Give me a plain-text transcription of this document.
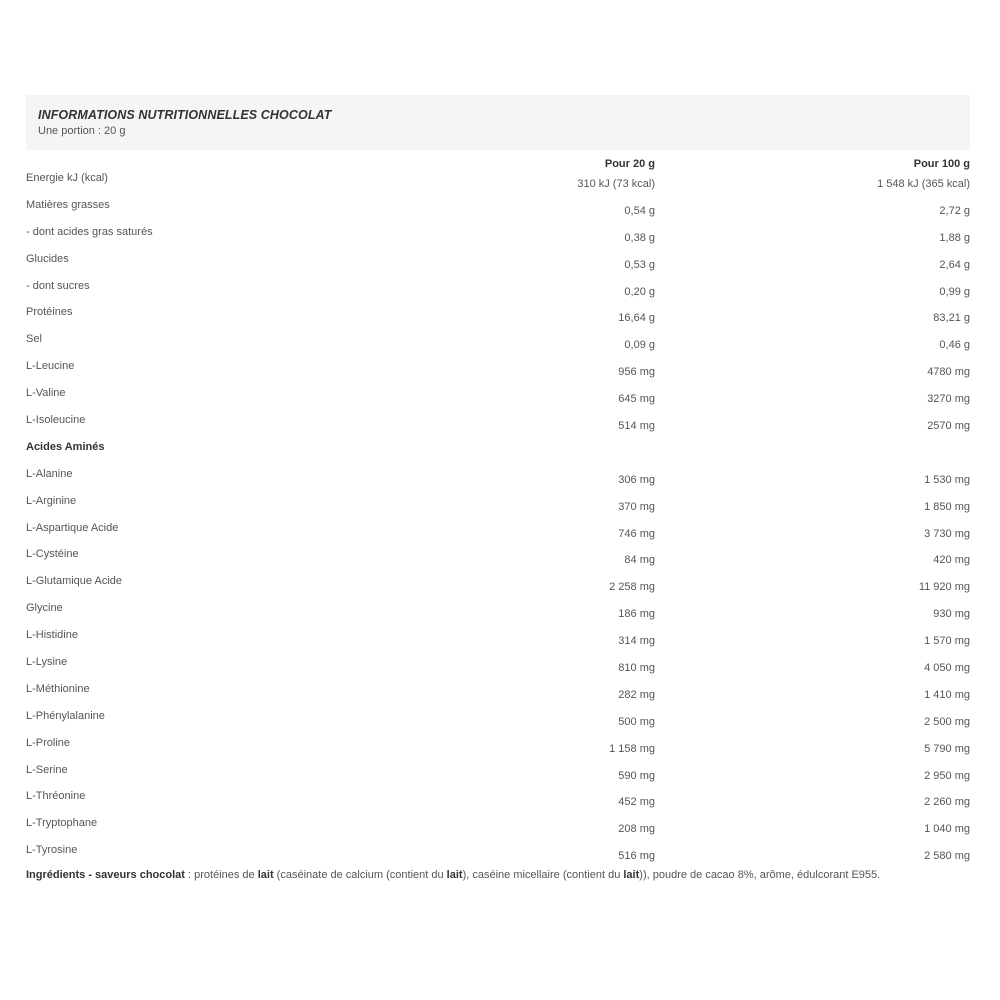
INFORMATIONS NUTRITIONNELLES CHOCOLAT
Une portion : 20 g
Pour 20 g	Pour 100 g
Energie kJ (kcal)	310 kJ (73 kcal)	1 548 kJ (365 kcal)
Matières grasses	0,54 g	2,72 g
- dont acides gras saturés	0,38 g	1,88 g
Glucides	0,53 g	2,64 g
- dont sucres	0,20 g	0,99 g
Protéines	16,64 g	83,21 g
Sel	0,09 g	0,46 g
L-Leucine	956 mg	4780 mg
L-Valine	645 mg	3270 mg
L-Isoleucine	514 mg	2570 mg
Acides Aminés
L-Alanine	306 mg	1 530 mg
L-Arginine	370 mg	1 850 mg
L-Aspartique Acide	746 mg	3 730 mg
L-Cystéine	84 mg	420 mg
L-Glutamique Acide	2 258 mg	11 920 mg
Glycine	186 mg	930 mg
L-Histidine	314 mg	1 570 mg
L-Lysine	810 mg	4 050 mg
L-Méthionine	282 mg	1 410 mg
L-Phénylalanine	500 mg	2 500 mg
L-Proline	1 158 mg	5 790 mg
L-Serine	590 mg	2 950 mg
L-Thréonine	452 mg	2 260 mg
L-Tryptophane	208 mg	1 040 mg
L-Tyrosine	516 mg	2 580 mg
Ingrédients - saveurs chocolat : protéines de lait (caséinate de calcium (contient du lait), caséine micellaire (contient du lait)), poudre de cacao 8%, arôme, édulcorant E955.
